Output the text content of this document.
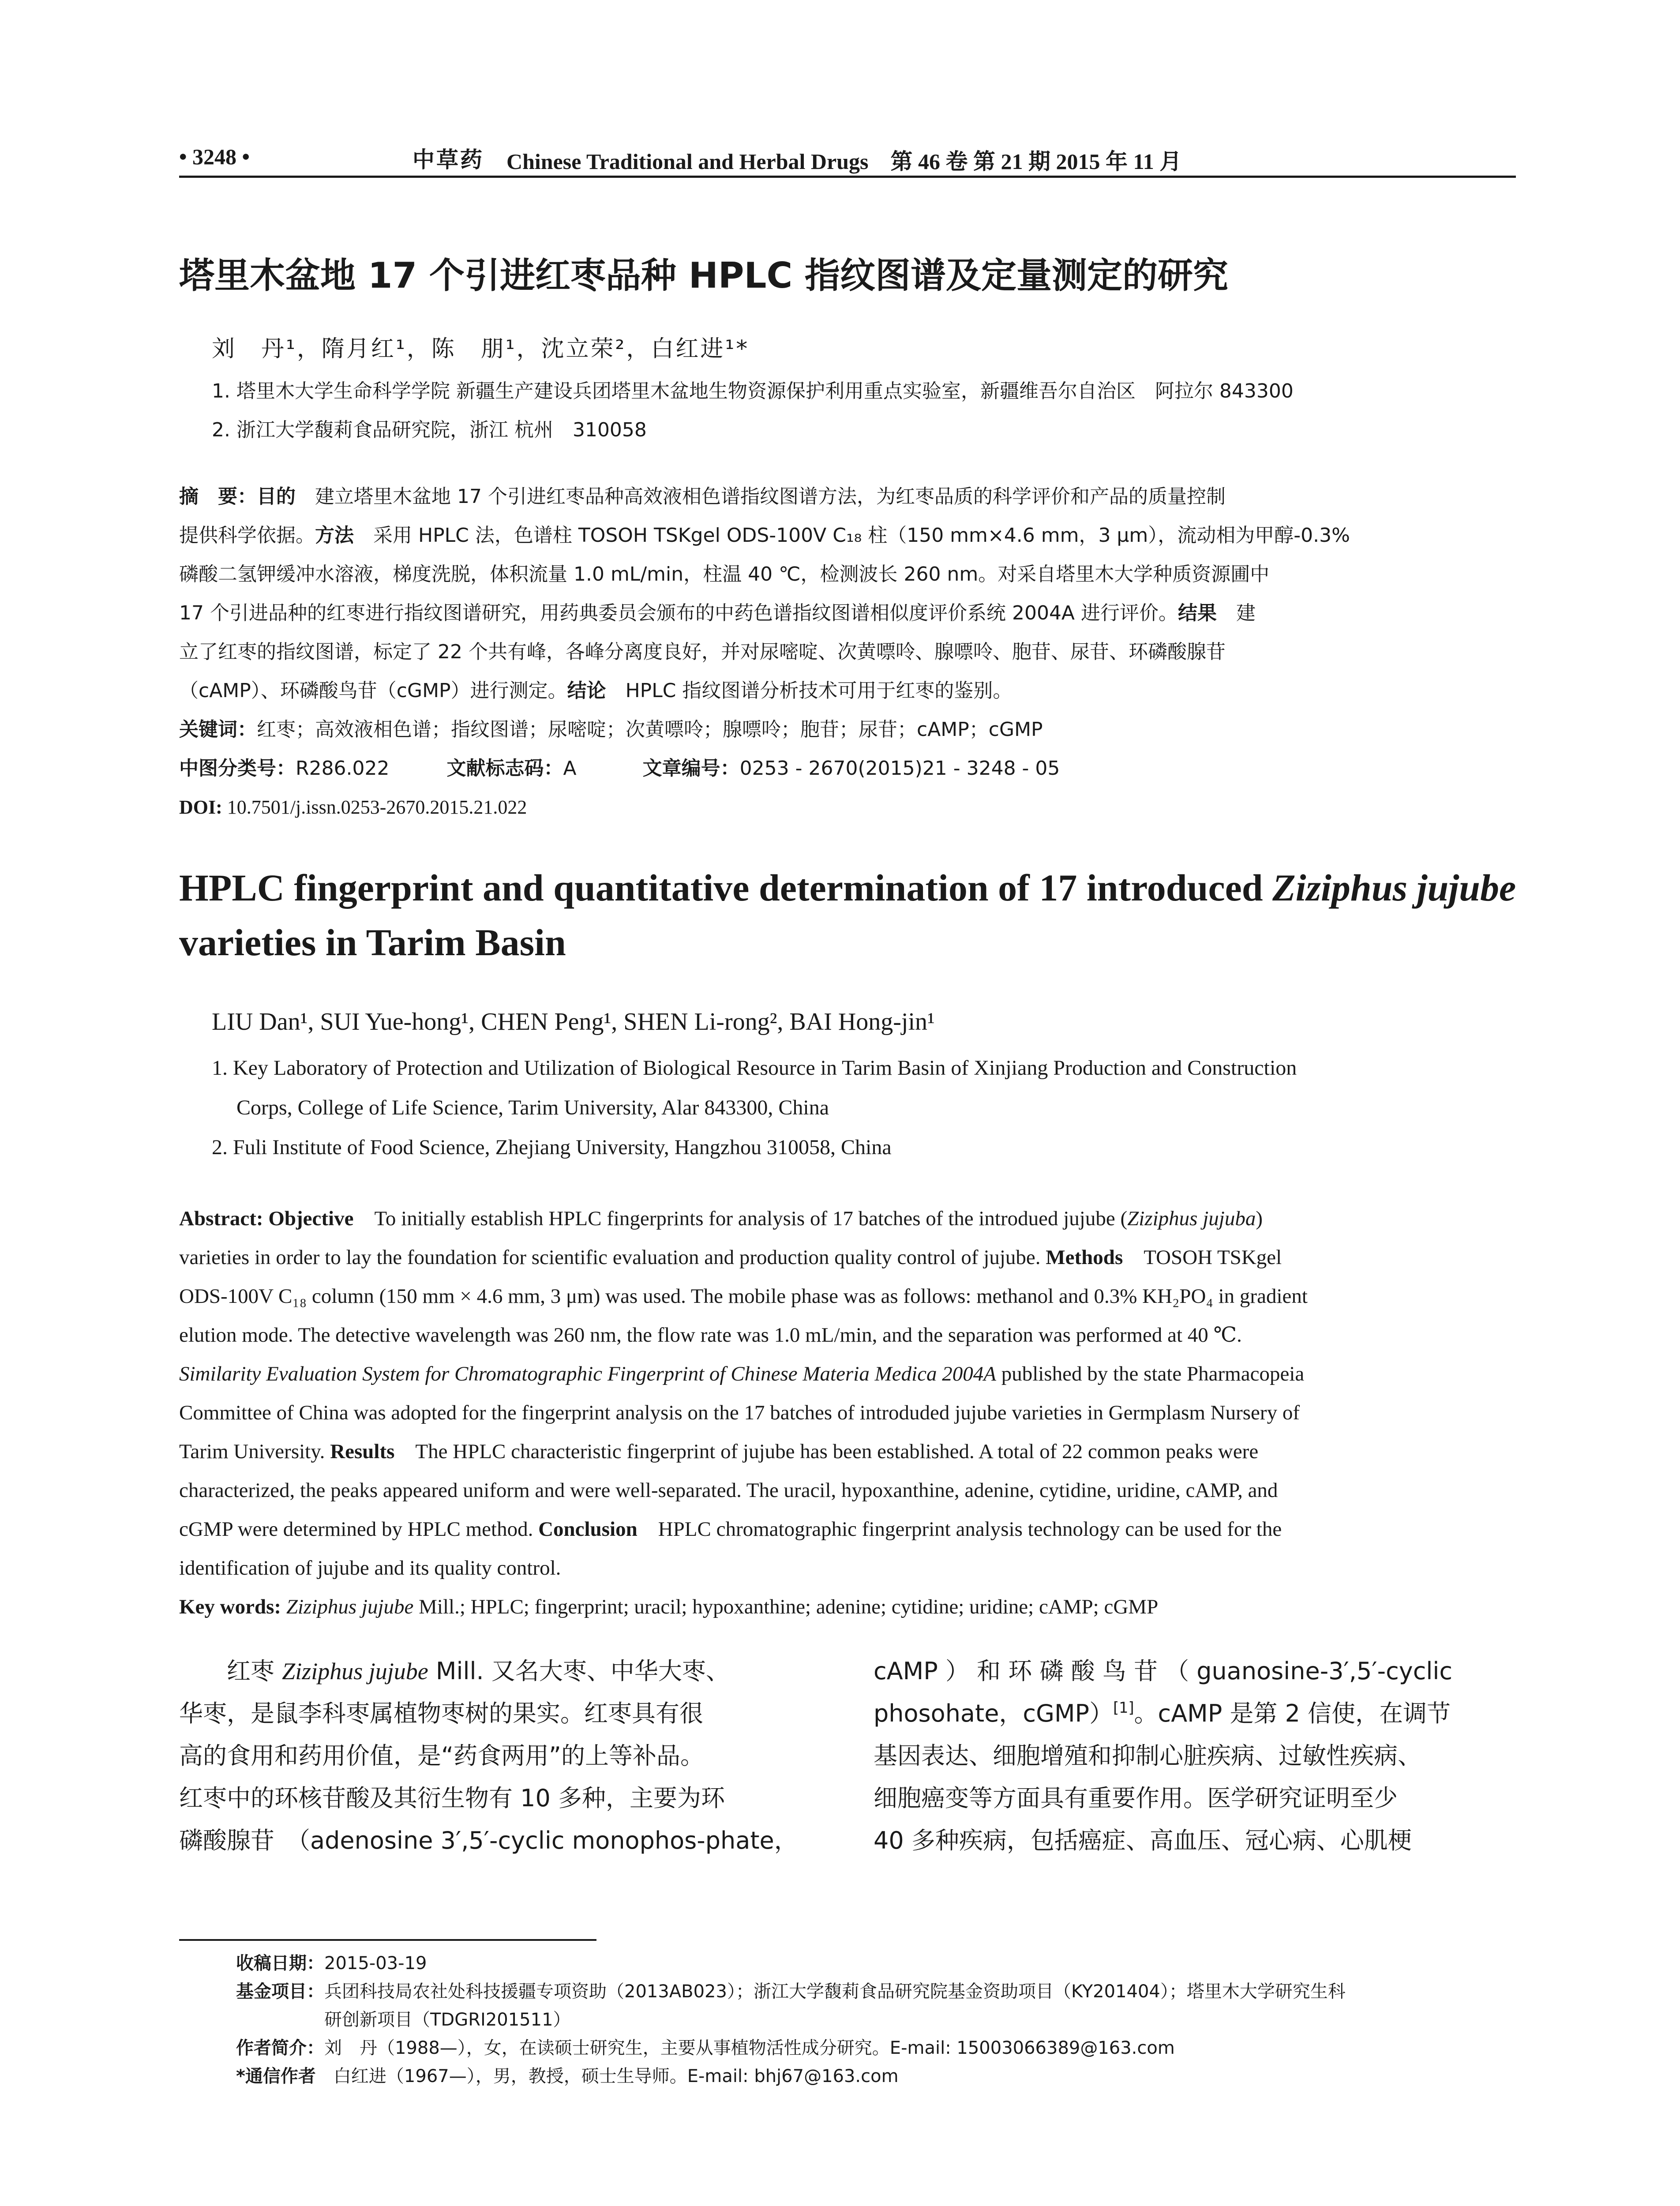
• 3248 •	中草药 Chinese Traditional and Herbal Drugs　第 46 卷 第 21 期 2015 年 11 月
塔里木盆地 17 个引进红枣品种 HPLC 指纹图谱及定量测定的研究
刘　丹¹，隋月红¹，陈　朋¹，沈立荣²，白红进¹*
1. 塔里木大学生命科学学院 新疆生产建设兵团塔里木盆地生物资源保护利用重点实验室，新疆维吾尔自治区　阿拉尔 843300
2. 浙江大学馥莉食品研究院，浙江 杭州　310058
摘　要：目的　 建立塔里木盆地 17 个引进红枣品种高效液相色谱指纹图谱方法，为红枣品质的科学评价和产品的质量控制
提供科学依据。方法　 采用 HPLC 法，色谱柱 TOSOH TSKgel ODS-100V C₁₈ 柱（150 mm×4.6 mm，3 μm），流动相为甲醇-0.3%
磷酸二氢钾缓冲水溶液，梯度洗脱，体积流量 1.0 mL/min，柱温 40 ℃，检测波长 260 nm。对采自塔里木大学种质资源圃中
17 个引进品种的红枣进行指纹图谱研究，用药典委员会颁布的中药色谱指纹图谱相似度评价系统 2004A 进行评价。结果　 建
立了红枣的指纹图谱，标定了 22 个共有峰，各峰分离度良好，并对尿嘧啶、次黄嘌呤、腺嘌呤、胞苷、尿苷、环磷酸腺苷
（cAMP）、环磷酸鸟苷（cGMP）进行测定。结论　 HPLC 指纹图谱分析技术可用于红枣的鉴别。
关键词：红枣；高效液相色谱；指纹图谱；尿嘧啶；次黄嘌呤；腺嘌呤；胞苷；尿苷；cAMP；cGMP
中图分类号：R286.022	文献标志码：A	文章编号：0253 - 2670(2015)21 - 3248 - 05
DOI: 10.7501/j.issn.0253-2670.2015.21.022
HPLC fingerprint and quantitative determination of 17 introduced Ziziphus jujube
varieties in Tarim Basin
LIU Dan¹, SUI Yue-hong¹, CHEN Peng¹, SHEN Li-rong², BAI Hong-jin¹
1. Key Laboratory of Protection and Utilization of Biological Resource in Tarim Basin of Xinjiang Production and Construction
Corps, College of Life Science, Tarim University, Alar 843300, China
2. Fuli Institute of Food Science, Zhejiang University, Hangzhou 310058, China
Abstract: Objective　 To initially establish HPLC fingerprints for analysis of 17 batches of the introdued jujube (Ziziphus jujuba)
varieties in order to lay the foundation for scientific evaluation and production quality control of jujube. Methods　 TOSOH TSKgel
ODS-100V C₁₈ column (150 mm × 4.6 mm, 3 μm) was used. The mobile phase was as follows: methanol and 0.3% KH₂PO₄ in gradient
elution mode. The detective wavelength was 260 nm, the flow rate was 1.0 mL/min, and the separation was performed at 40 ℃.
Similarity Evaluation System for Chromatographic Fingerprint of Chinese Materia Medica 2004A published by the state Pharmacopeia
Committee of China was adopted for the fingerprint analysis on the 17 batches of introduded jujube varieties in Germplasm Nursery of
Tarim University. Results　 The HPLC characteristic fingerprint of jujube has been established. A total of 22 common peaks were
characterized, the peaks appeared uniform and were well-separated. The uracil, hypoxanthine, adenine, cytidine, uridine, cAMP, and
cGMP were determined by HPLC method. Conclusion　 HPLC chromatographic fingerprint analysis technology can be used for the
identification of jujube and its quality control.
Key words: Ziziphus jujube Mill.; HPLC; fingerprint; uracil; hypoxanthine; adenine; cytidine; uridine; cAMP; cGMP
红枣 Ziziphus jujube Mill. 又名大枣、中华大枣、
华枣，是鼠李科枣属植物枣树的果实。红枣具有很
高的食用和药用价值，是“药食两用”的上等补品。
红枣中的环核苷酸及其衍生物有 10 多种，主要为环
磷酸腺苷　（adenosine 3′,5′-cyclic monophos-phate，
cAMP ） 和 环 磷 酸 鸟 苷 （ guanosine-3′,5′-cyclic
phosohate，cGMP）[1]。cAMP 是第 2 信使，在调节
基因表达、细胞增殖和抑制心脏疾病、过敏性疾病、
细胞癌变等方面具有重要作用。医学研究证明至少
40 多种疾病，包括癌症、高血压、冠心病、心肌梗
收稿日期：2015-03-19
基金项目：兵团科技局农社处科技援疆专项资助（2013AB023）；浙江大学馥莉食品研究院基金资助项目（KY201404）；塔里木大学研究生科
研创新项目（TDGRI201511）
作者简介：刘　丹（1988—），女，在读硕士研究生，主要从事植物活性成分研究。E-mail: 15003066389@163.com
*通信作者　 白红进（1967—），男，教授，硕士生导师。E-mail: bhj67@163.com
